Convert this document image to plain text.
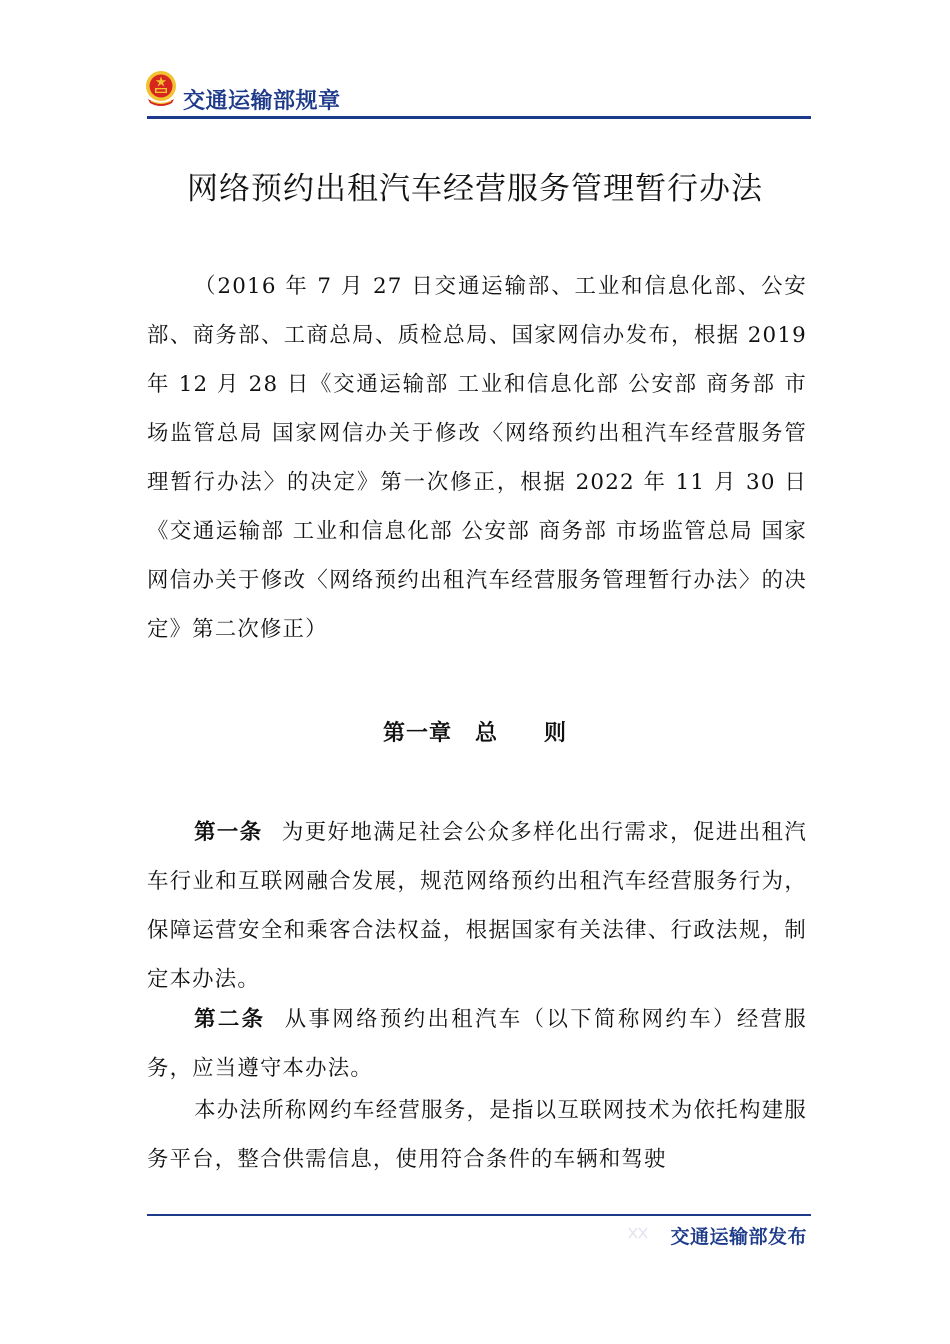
交通运输部规章
网络预约出租汽车经营服务管理暂行办法

（2016 年 7 月 27 日交通运输部、工业和信息化部、公安部、商务部、工商总局、质检总局、国家网信办发布，根据 2019 年 12 月 28 日《交通运输部 工业和信息化部 公安部 商务部 市场监管总局 国家网信办关于修改〈网络预约出租汽车经营服务管理暂行办法〉的决定》第一次修正，根据 2022 年 11 月 30 日《交通运输部 工业和信息化部 公安部 商务部 市场监管总局 国家网信办关于修改〈网络预约出租汽车经营服务管理暂行办法〉的决定》第二次修正）

第一章　总　　则

第一条 为更好地满足社会公众多样化出行需求，促进出租汽车行业和互联网融合发展，规范网络预约出租汽车经营服务行为，保障运营安全和乘客合法权益，根据国家有关法律、行政法规，制定本办法。

第二条 从事网络预约出租汽车（以下简称网约车）经营服务，应当遵守本办法。

本办法所称网约车经营服务，是指以互联网技术为依托构建服务平台，整合供需信息，使用符合条件的车辆和驾驶

交通运输部发布
